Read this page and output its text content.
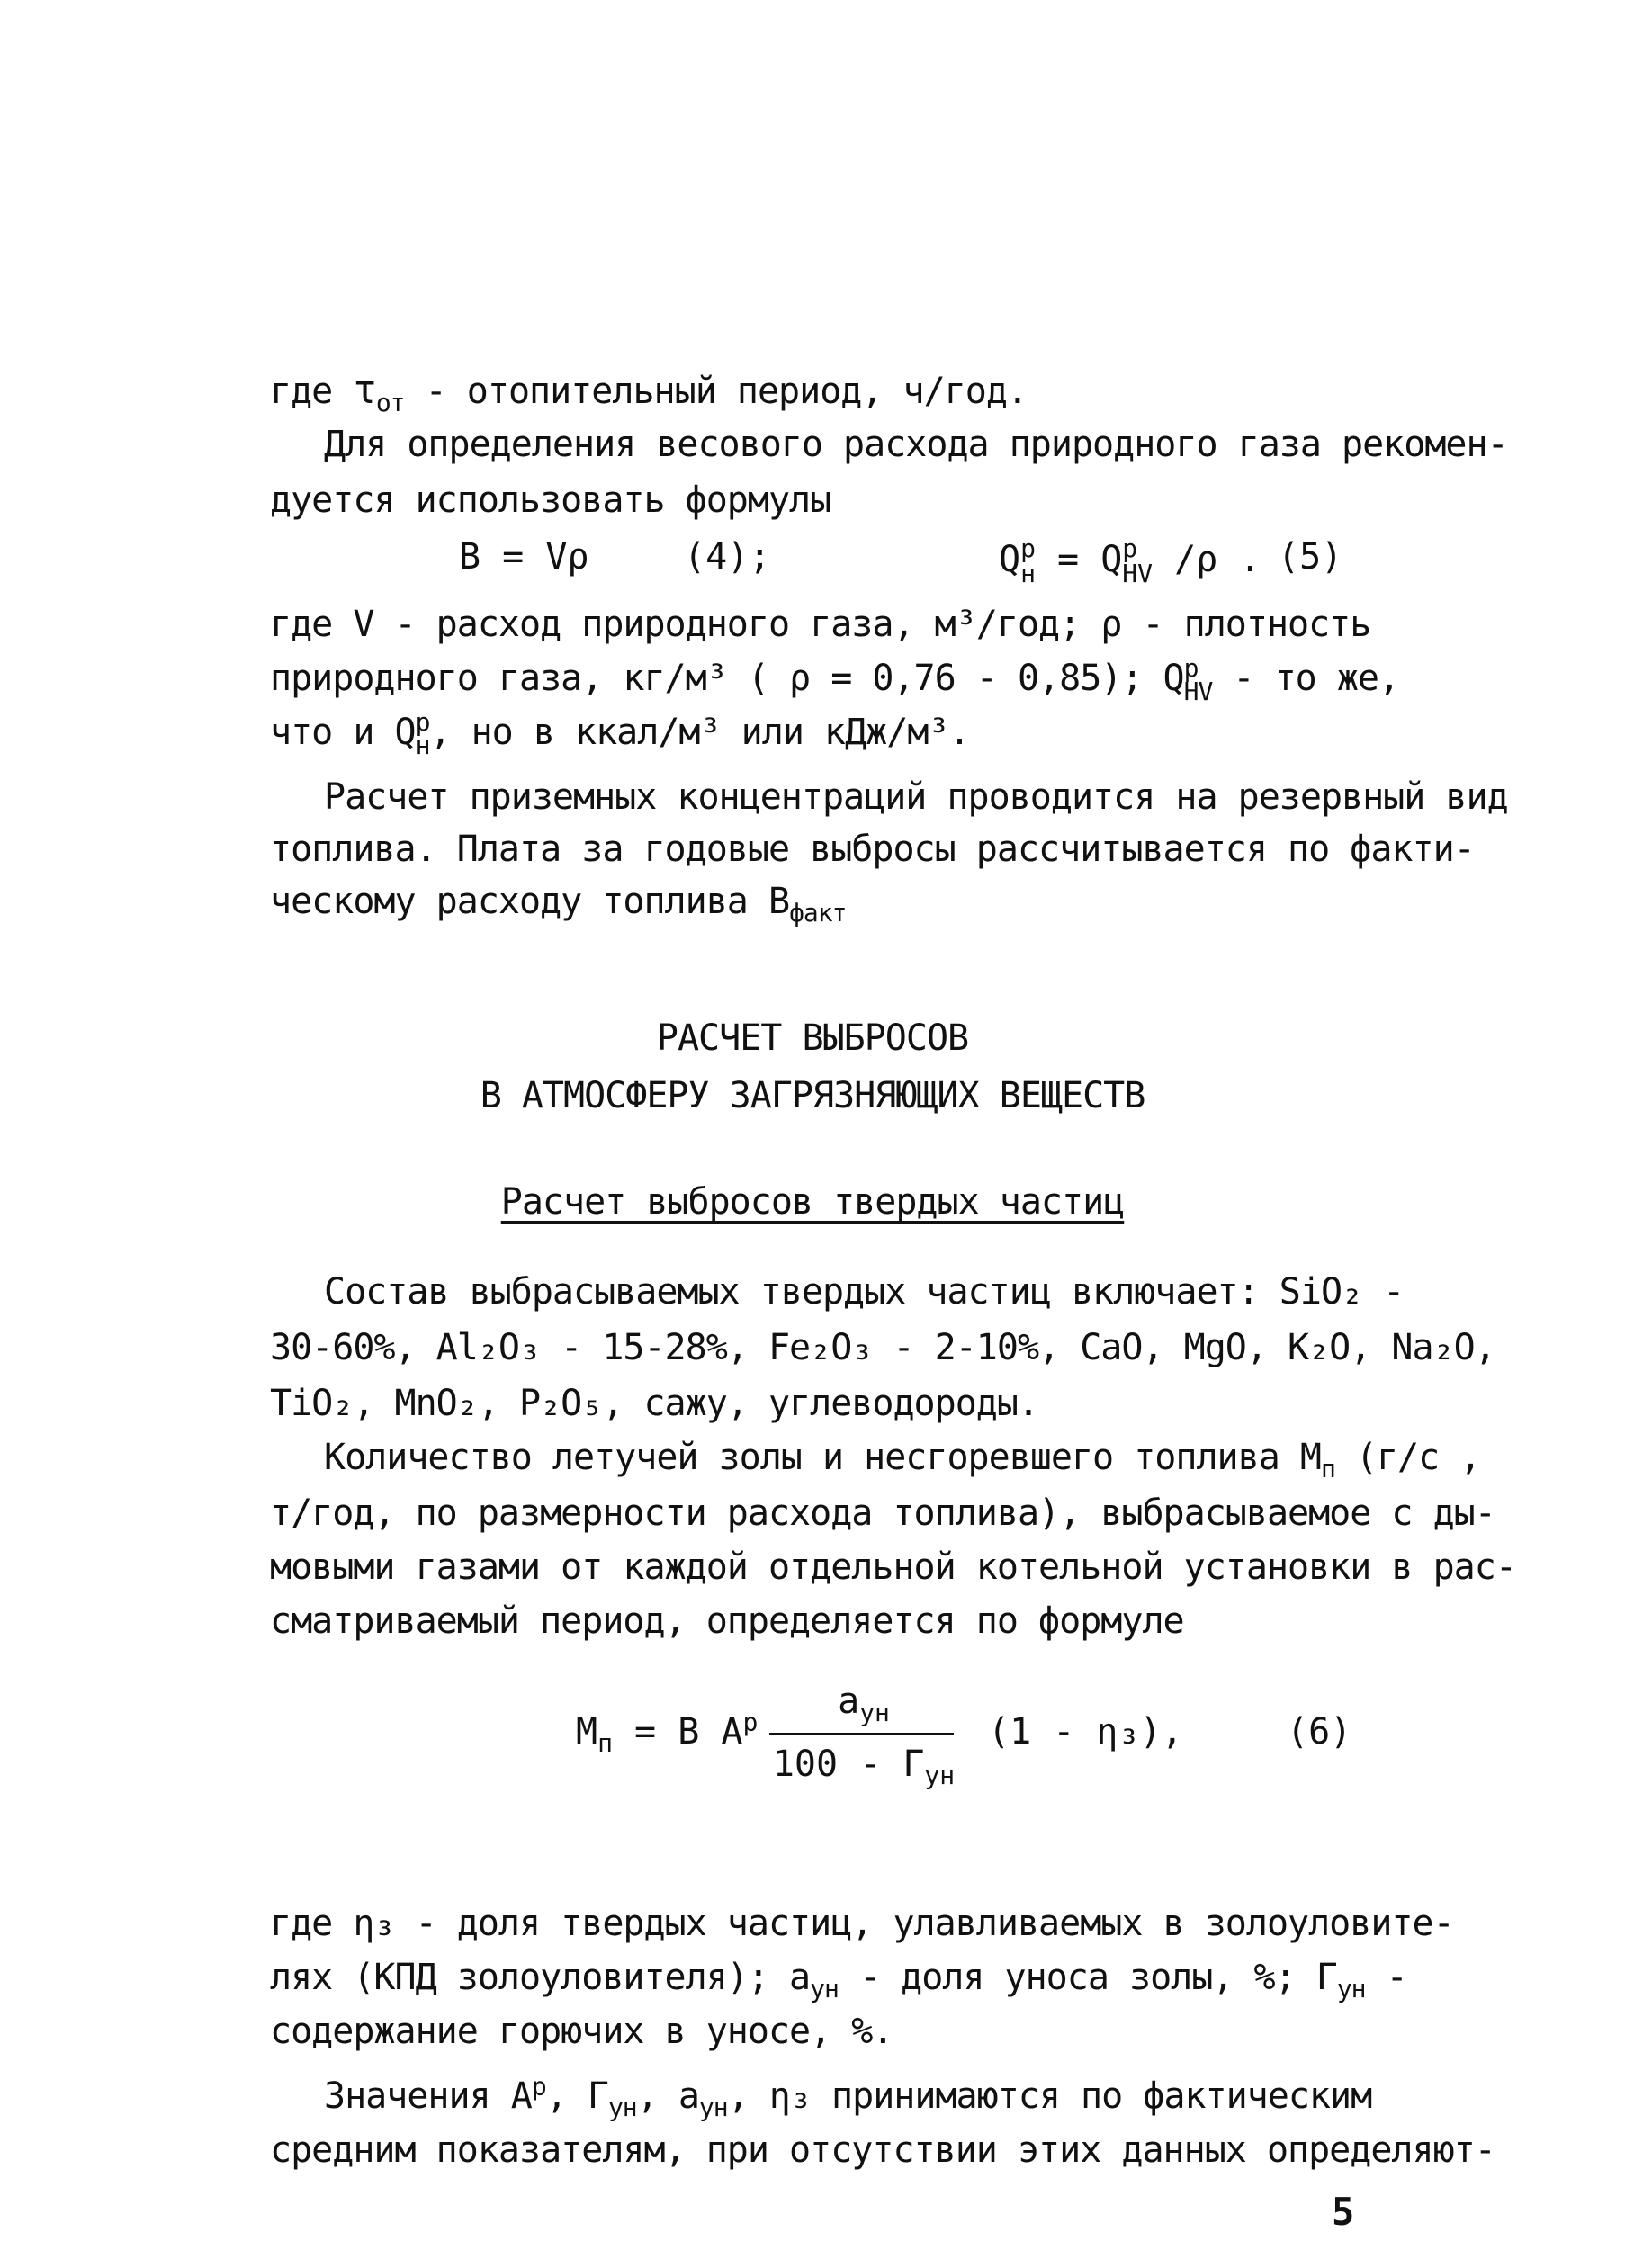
где $\tau_{от}$ - отопительный период, ч/год.
Для определения весового расхода природного газа рекомен-
дуется использовать формулы
B = Vρ	(4);	Q p
н = Q p
HV /ρ . (5)
где V - расход природного газа, м³/год; ρ - плотность
природного газа, кг/м³ ( ρ = 0,76 - 0,85); Q p
HV - то же,
что и Q p
н , но в ккал/м³ или кДж/м³.
Расчет приземных концентраций проводится на резервный вид
топлива. Плата за годовые выбросы рассчитывается по факти-
ческому расходу топлива $В_{факт}$
РАСЧЕТ ВЫБРОСОВ
В АТМОСФЕРУ ЗАГРЯЗНЯЮЩИХ ВЕЩЕСТВ
Расчет выбросов твердых частиц
Состав выбрасываемых твердых частиц включает: SiO₂ -
30-60%, Al₂O₃ - 15-28%, Fe₂O₃ - 2-10%, CaO, MgO, K₂O, Na₂O,
TiO₂, MnO₂, P₂O₅, сажу, углеводороды.
Количество летучей золы и несгоревшего топлива $М_п$ (г/с ,
т/год, по размерности расхода топлива), выбрасываемое с ды-
мовыми газами от каждой отдельной котельной установки в рас-
сматриваемый период, определяется по формуле
$М_п = B$ $A^p$
$a_{ун}$
$100 - Г_{ун}$
(1 - η₃),	(6)
где η₃ - доля твердых частиц, улавливаемых в золоуловите-
лях (КПД золоуловителя); $a_{ун}$ - доля уноса золы, %; $Г_{ун}$ -
содержание горючих в уносе, %.
Значения $А^р$, $Г_{ун}$, $a_{ун}$, η₃ принимаются по фактическим
средним показателям, при отсутствии этих данных определяют-
5
